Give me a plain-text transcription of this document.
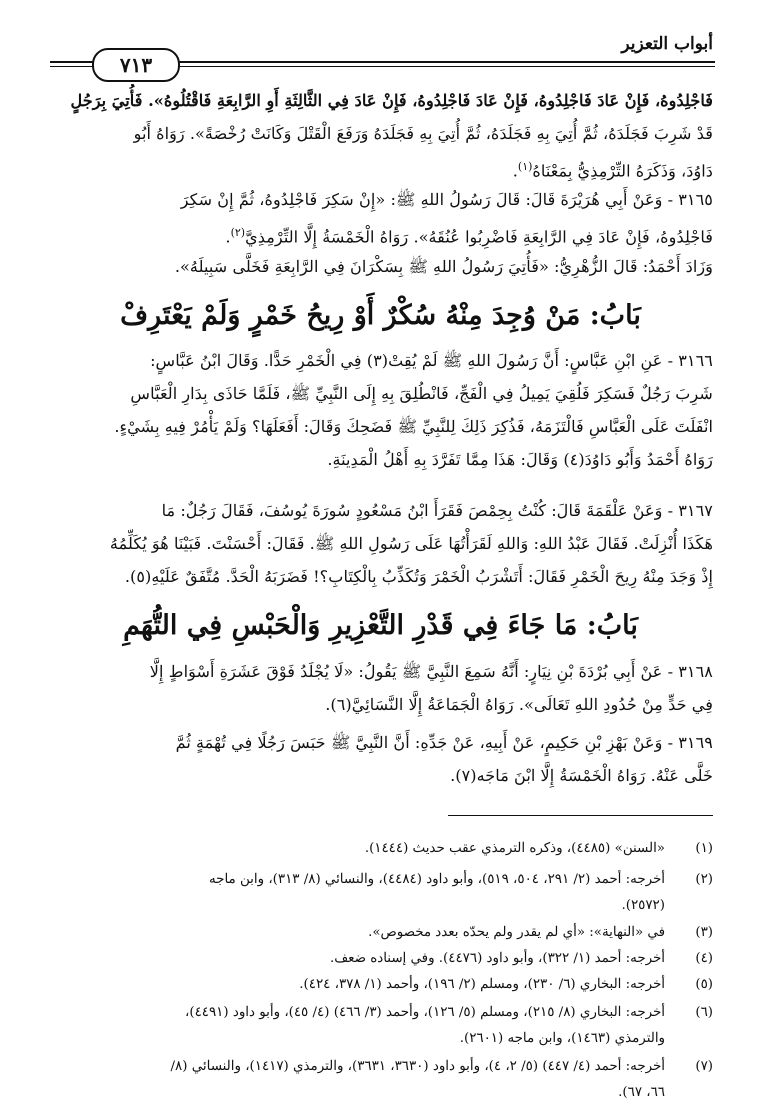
أبواب التعزير
٧١٣
فَاجْلِدُوهُ، فَإِنْ عَادَ فَاجْلِدُوهُ، فَإِنْ عَادَ فَاجْلِدُوهُ، فَإِنْ عَادَ فِي الثَّالِثَةِ أَوِ الرَّابِعَةِ فَاقْتُلُوهُ». فَأُتِيَ بِرَجُلٍ
قَدْ شَرِبَ فَجَلَدَهُ، ثُمَّ أُتِيَ بِهِ فَجَلَدَهُ، ثُمَّ أُتِيَ بِهِ فَجَلَدَهُ وَرَفَعَ الْقَتْلَ وَكَانَتْ رُخْصَةً». رَوَاهُ أَبُو
دَاوُدَ، وَذَكَرَهُ التِّرْمِذِيُّ بِمَعْنَاهُ$^{(١)}$.
٣١٦٥ - وَعَنْ أَبِي هُرَيْرَةَ قَالَ: قَالَ رَسُولُ اللهِ ﷺ: «إِنْ سَكِرَ فَاجْلِدُوهُ، ثُمَّ إِنْ سَكِرَ
فَاجْلِدُوهُ، فَإِنْ عَادَ فِي الرَّابِعَةِ فَاضْرِبُوا عُنُقَهُ». رَوَاهُ الْخَمْسَةُ إِلَّا التِّرْمِذِيَّ$^{(٢)}$.
وَزَادَ أَحْمَدُ: قَالَ الزُّهْرِيُّ: «فَأُتِيَ رَسُولُ اللهِ ﷺ بِسَكْرَانَ فِي الرَّابِعَةِ فَخَلَّى سَبِيلَهُ».
بَابُ: مَنْ وُجِدَ مِنْهُ سُكْرٌ أَوْ رِيحُ خَمْرٍ وَلَمْ يَعْتَرِفْ
٣١٦٦ - عَنِ ابْنِ عَبَّاسٍ: أَنَّ رَسُولَ اللهِ ﷺ لَمْ يُقِتْ(٣) فِي الْخَمْرِ حَدًّا. وَقَالَ ابْنُ عَبَّاسٍ:
شَرِبَ رَجُلٌ فَسَكِرَ فَلُقِيَ يَمِيلُ فِي الْفَجِّ، فَانْطُلِقَ بِهِ إِلَى النَّبِيِّ ﷺ، فَلَمَّا حَاذَى بِدَارِ الْعَبَّاسِ
انْفَلَتَ عَلَى الْعَبَّاسِ فَالْتَزَمَهُ، فَذُكِرَ ذَلِكَ لِلنَّبِيِّ ﷺ فَضَحِكَ وَقَالَ: أَفَعَلَهَا؟ وَلَمْ يَأْمُرْ فِيهِ بِشَيْءٍ.
رَوَاهُ أَحْمَدُ وَأَبُو دَاوُدَ(٤) وَقَالَ: هَذَا مِمَّا تَفَرَّدَ بِهِ أَهْلُ الْمَدِينَةِ.
٣١٦٧ - وَعَنْ عَلْقَمَةَ قَالَ: كُنْتُ بِحِمْصَ فَقَرَأَ ابْنُ مَسْعُودٍ سُورَةَ يُوسُفَ، فَقَالَ رَجُلٌ: مَا
هَكَذَا أُنْزِلَتْ. فَقَالَ عَبْدُ اللهِ: وَاللهِ لَقَرَأْتُهَا عَلَى رَسُولِ اللهِ ﷺ. فَقَالَ: أَحْسَنْتَ. فَبَيْنَا هُوَ يُكَلِّمُهُ
إِذْ وَجَدَ مِنْهُ رِيحَ الْخَمْرِ فَقَالَ: أَتَشْرَبُ الْخَمْرَ وَتُكَذِّبُ بِالْكِتَابِ؟! فَضَرَبَهُ الْحَدَّ. مُتَّفَقٌ عَلَيْهِ(٥).
بَابُ: مَا جَاءَ فِي قَدْرِ التَّعْزِيرِ وَالْحَبْسِ فِي التُّهَمِ
٣١٦٨ - عَنْ أَبِي بُرْدَةَ بْنِ نِيَارٍ: أَنَّهُ سَمِعَ النَّبِيَّ ﷺ يَقُولُ: «لَا يُجْلَدُ فَوْقَ عَشَرَةِ أَسْوَاطٍ إِلَّا
فِي حَدٍّ مِنْ حُدُودِ اللهِ تَعَالَى». رَوَاهُ الْجَمَاعَةُ إِلَّا النَّسَائِيَّ(٦).
٣١٦٩ - وَعَنْ بَهْزِ بْنِ حَكِيمٍ، عَنْ أَبِيهِ، عَنْ جَدِّهِ: أَنَّ النَّبِيَّ ﷺ حَبَسَ رَجُلًا فِي تُهْمَةٍ ثُمَّ
خَلَّى عَنْهُ. رَوَاهُ الْخَمْسَةُ إِلَّا ابْنَ مَاجَه(٧).
(١)
«السنن» (٤٤٨٥)، وذكره الترمذي عقب حديث (١٤٤٤).
(٢)
أخرجه: أحمد (٢/ ٢٩١، ٥٠٤، ٥١٩)، وأبو داود (٤٤٨٤)، والنسائي (٨/ ٣١٣)، وابن ماجه
(٢٥٧٢).
(٣)
في «النهاية»: «أي لم يقدر ولم يحدّه بعدد مخصوص».
(٤)
أخرجه: أحمد (١/ ٣٢٢)، وأبو داود (٤٤٧٦). وفي إسناده ضعف.
(٥)
أخرجه: البخاري (٦/ ٢٣٠)، ومسلم (٢/ ١٩٦)، وأحمد (١/ ٣٧٨، ٤٢٤).
(٦)
أخرجه: البخاري (٨/ ٢١٥)، ومسلم (٥/ ١٢٦)، وأحمد (٣/ ٤٦٦) (٤/ ٤٥)، وأبو داود (٤٤٩١)،
والترمذي (١٤٦٣)، وابن ماجه (٢٦٠١).
(٧)
أخرجه: أحمد (٤/ ٤٤٧) (٥/ ٢، ٤)، وأبو داود (٣٦٣٠، ٣٦٣١)، والترمذي (١٤١٧)، والنسائي (٨/
٦٦، ٦٧).
